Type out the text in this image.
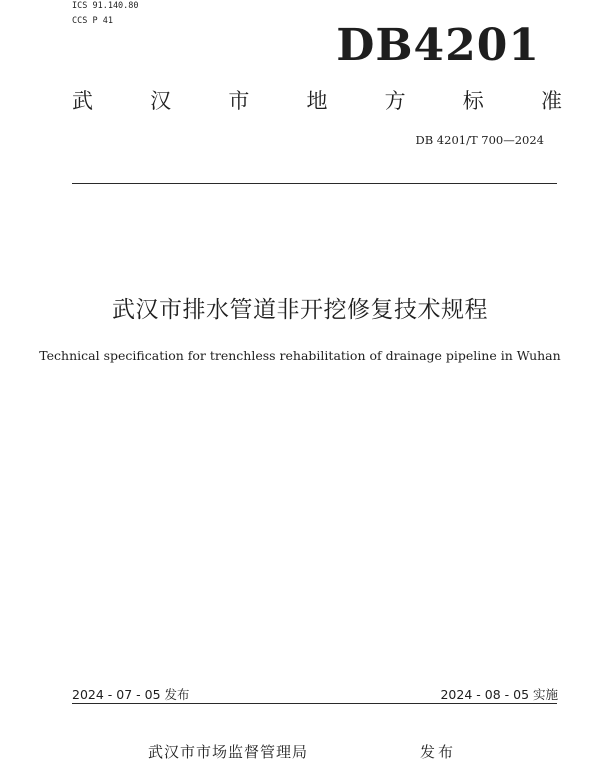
ICS 91.140.80
CCS P 41	DB4201
武	汉	市	地	方	标	准
DB 4201/T 700—2024
武汉市排水管道非开挖修复技术规程
Technical specification for trenchless rehabilitation of drainage pipeline in Wuhan
2024 - 07 - 05 发布	2024 - 08 - 05 实施
武汉市市场监督管理局	发布
